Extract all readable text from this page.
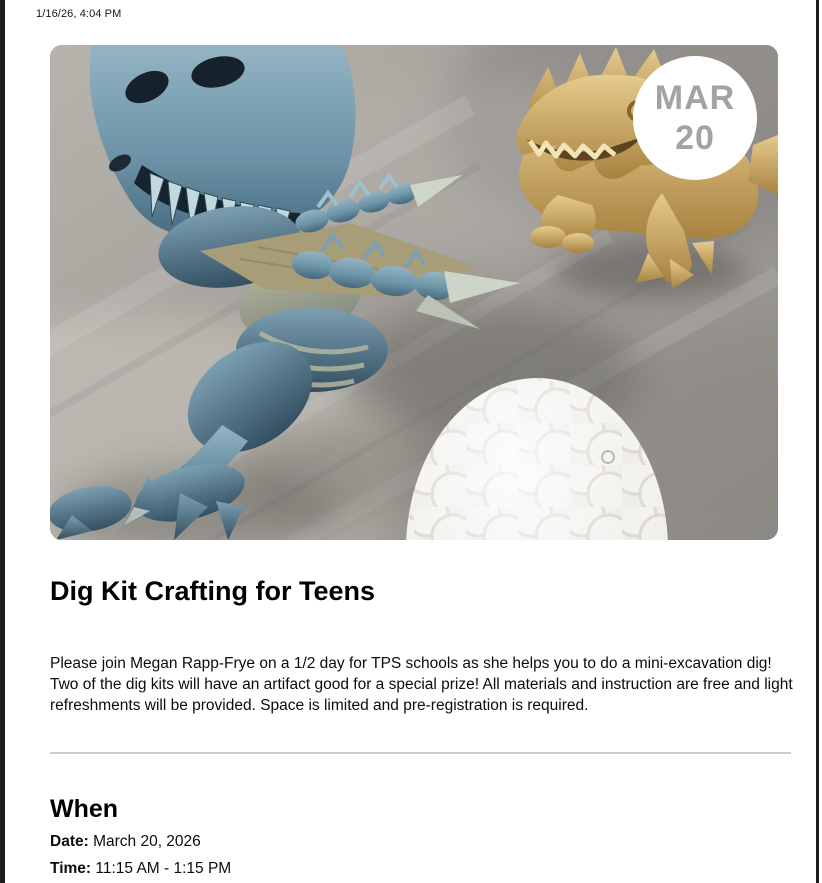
1/16/26, 4:04 PM
MAR
20
Dig Kit Crafting for Teens

Please join Megan Rapp-Frye on a 1/2 day for TPS schools as she helps you to do a mini-excavation dig! Two of the dig kits will have an artifact good for a special prize! All materials and instruction are free and light refreshments will be provided. Space is limited and pre-registration is required.

When

Date: March 20, 2026

Time: 11:15 AM - 1:15 PM
